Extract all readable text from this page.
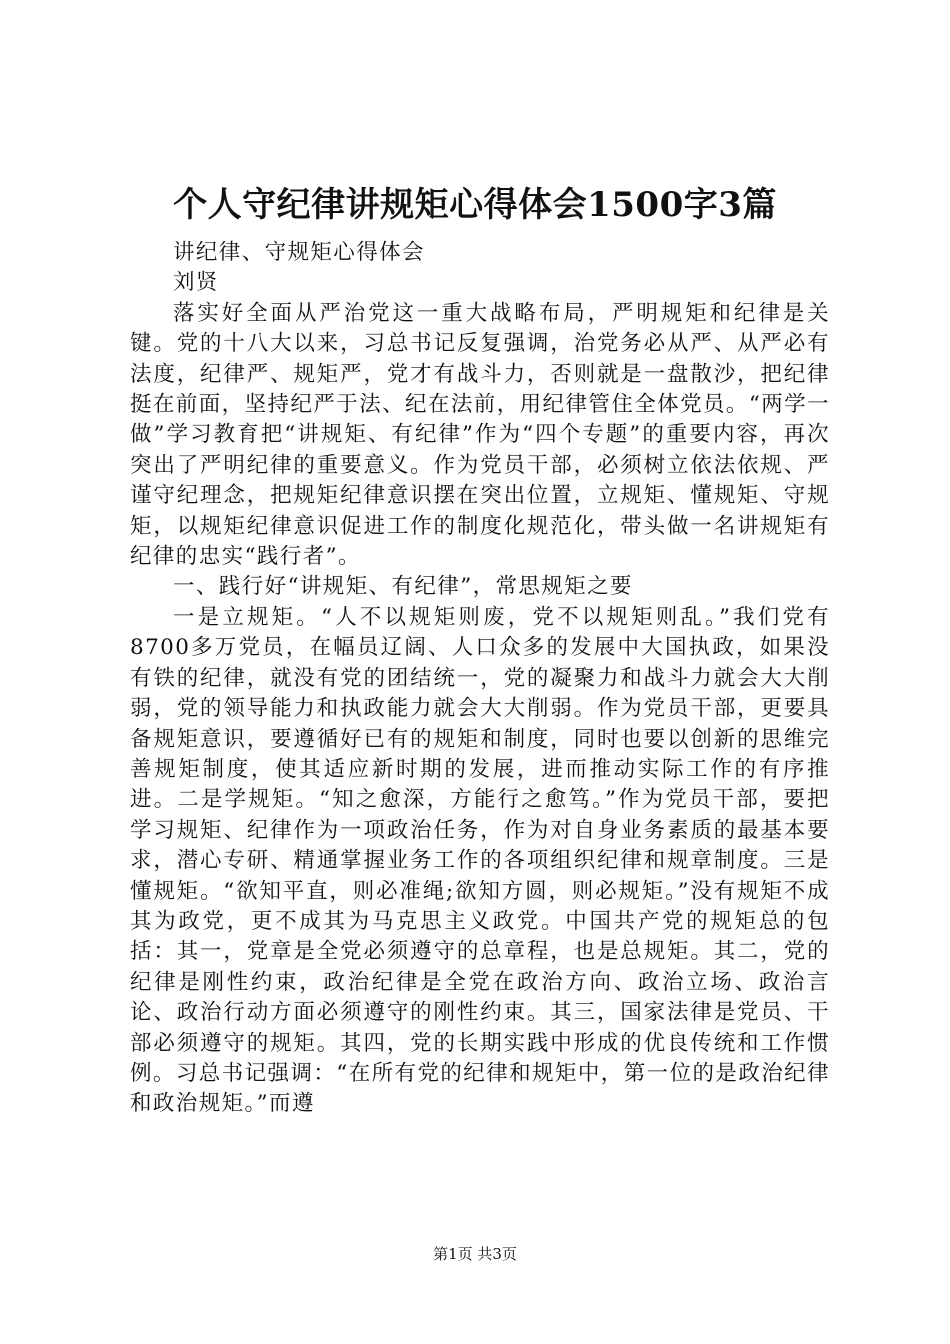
个人守纪律讲规矩心得体会1500字3篇

讲纪律、守规矩心得体会

刘贤

落实好全面从严治党这一重大战略布局，严明规矩和纪律是关键。党的十八大以来，习总书记反复强调，治党务必从严、从严必有法度，纪律严、规矩严，党才有战斗力，否则就是一盘散沙，把纪律挺在前面，坚持纪严于法、纪在法前，用纪律管住全体党员。“两学一做”学习教育把“讲规矩、有纪律”作为“四个专题”的重要内容，再次突出了严明纪律的重要意义。作为党员干部，必须树立依法依规、严谨守纪理念，把规矩纪律意识摆在突出位置，立规矩、懂规矩、守规矩，以规矩纪律意识促进工作的制度化规范化，带头做一名讲规矩有纪律的忠实“践行者”。

一、践行好“讲规矩、有纪律”，常思规矩之要

一是立规矩。“人不以规矩则废，党不以规矩则乱。”我们党有8700多万党员，在幅员辽阔、人口众多的发展中大国执政，如果没有铁的纪律，就没有党的团结统一，党的凝聚力和战斗力就会大大削弱，党的领导能力和执政能力就会大大削弱。作为党员干部，更要具备规矩意识，要遵循好已有的规矩和制度，同时也要以创新的思维完善规矩制度，使其适应新时期的发展，进而推动实际工作的有序推进。二是学规矩。“知之愈深，方能行之愈笃。”作为党员干部，要把学习规矩、纪律作为一项政治任务，作为对自身业务素质的最基本要求，潜心专研、精通掌握业务工作的各项组织纪律和规章制度。三是懂规矩。“欲知平直，则必准绳;欲知方圆，则必规矩。”没有规矩不成其为政党，更不成其为马克思主义政党。中国共产党的规矩总的包括：其一，党章是全党必须遵守的总章程，也是总规矩。其二，党的纪律是刚性约束，政治纪律是全党在政治方向、政治立场、政治言论、政治行动方面必须遵守的刚性约束。其三，国家法律是党员、干部必须遵守的规矩。其四，党的长期实践中形成的优良传统和工作惯例。习总书记强调：“在所有党的纪律和规矩中，第一位的是政治纪律和政治规矩。”而遵

第1页 共3页
